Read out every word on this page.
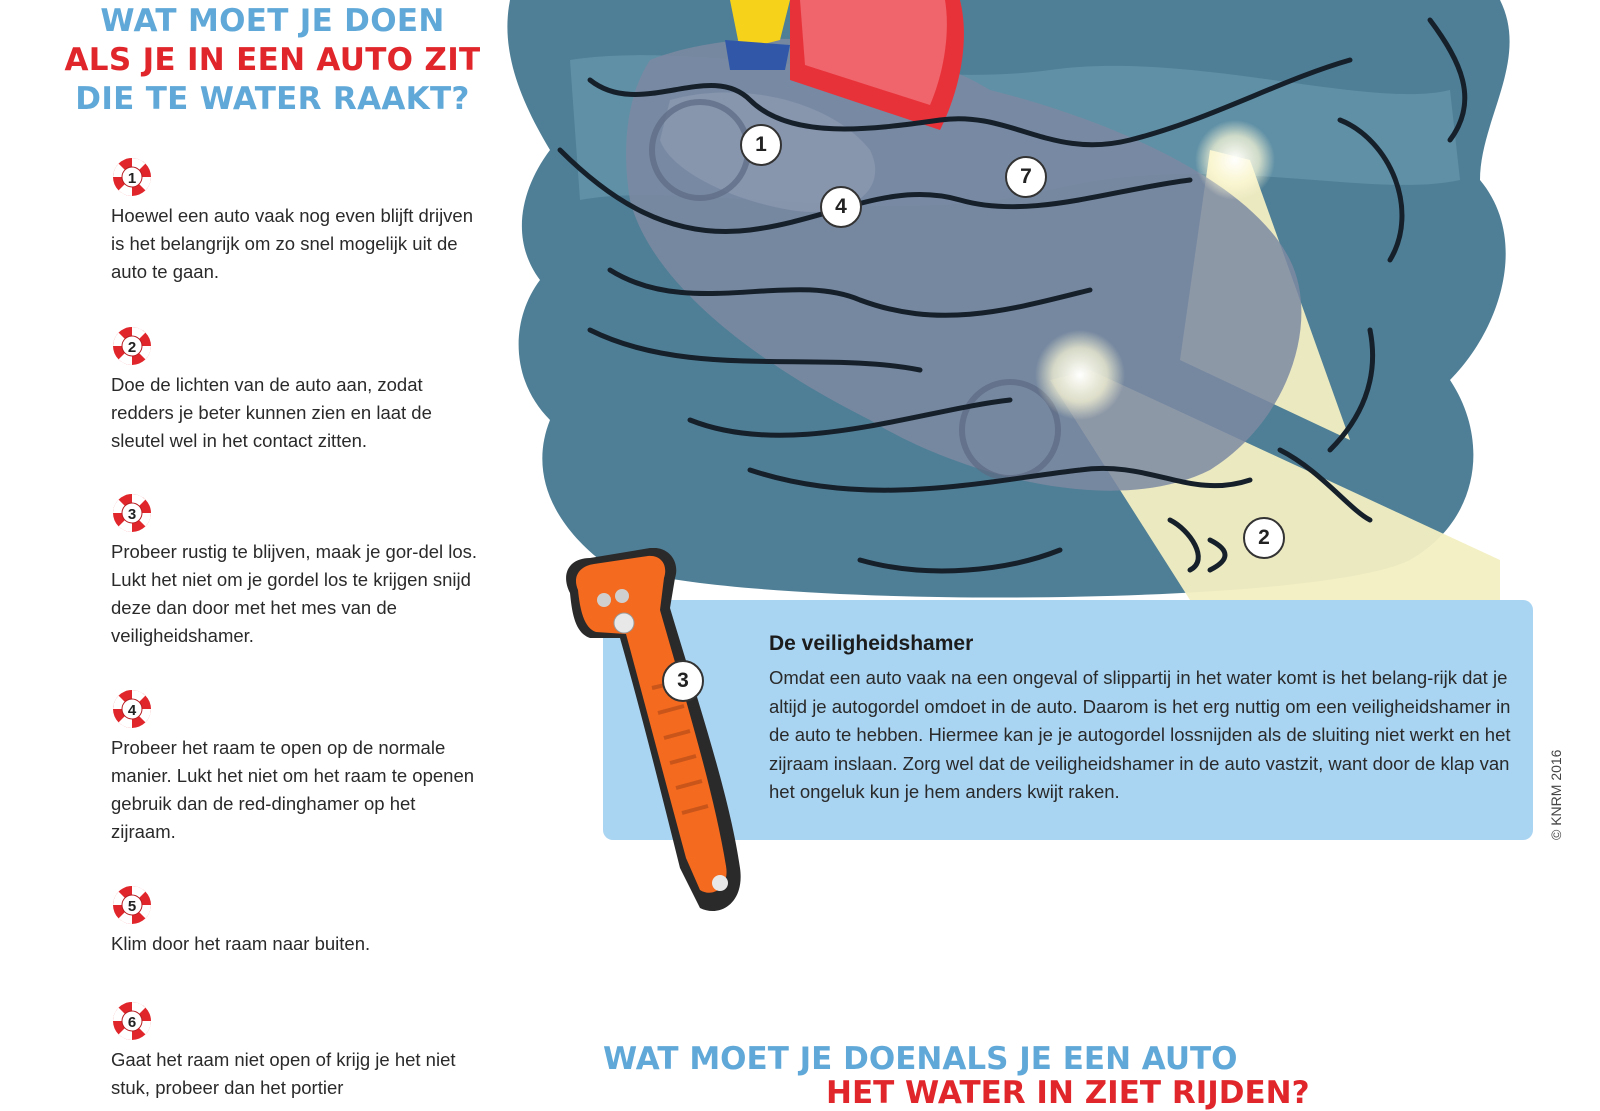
WAT MOET JE DOEN
ALS JE IN EEN AUTO ZIT
DIE TE WATER RAAKT?
1
Hoewel een auto vaak nog even blijft drijven is het belangrijk om zo snel mogelijk uit de auto te gaan.
2
Doe de lichten van de auto aan, zodat redders je beter kunnen zien en laat de sleutel wel in het contact zitten.
3
Probeer rustig te blijven, maak je gor-del los. Lukt het niet om je gordel los te krijgen snijd deze dan door met het mes van de veiligheidshamer.
4
Probeer het raam te open op de normale manier. Lukt het niet om het raam te openen gebruik dan de red-dinghamer op het zijraam.
5
Klim door het raam naar buiten.
6
Gaat het raam niet open of krijg je het niet stuk, probeer dan het portier
1
4
7
2
De veiligheidshamer
Omdat een auto vaak na een ongeval of slippartij in het water komt is het belang-rijk dat je altijd je autogordel omdoet in de auto. Daarom is het erg nuttig om een veiligheidshamer in de auto te hebben. Hiermee kan je je autogordel lossnijden als de sluiting niet werkt en het zijraam inslaan. Zorg wel dat de veiligheidshamer in de auto vastzit, want door de klap van het ongeluk kun je hem anders kwijt raken.
3
© KNRM 2016
WAT MOET JE DOENALS JE EEN AUTO
HET WATER IN ZIET RIJDEN?
